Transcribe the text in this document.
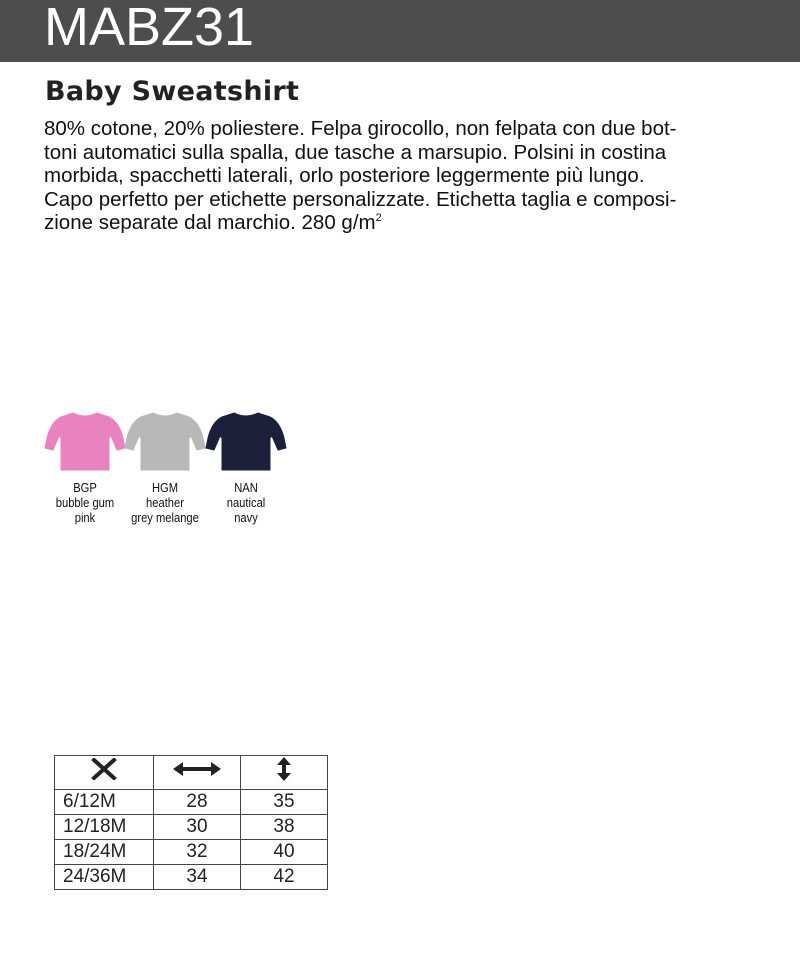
MABZ31
Baby Sweatshirt

80% cotone, 20% poliestere. Felpa girocollo, non felpata con due bot-

toni automatici sulla spalla, due tasche a marsupio. Polsini in costina

morbida, spacchetti laterali, orlo posteriore leggermente più lungo.

Capo perfetto per etichette personalizzate. Etichetta taglia e composi-

zione separate dal marchio. 280 $g/m^2$

BGP
bubble gum
pink
HGM
heather
grey melange
NAN
nautical
navy

6/12M	28	35
12/18M	30	38
18/24M	32	40
24/36M	34	42
